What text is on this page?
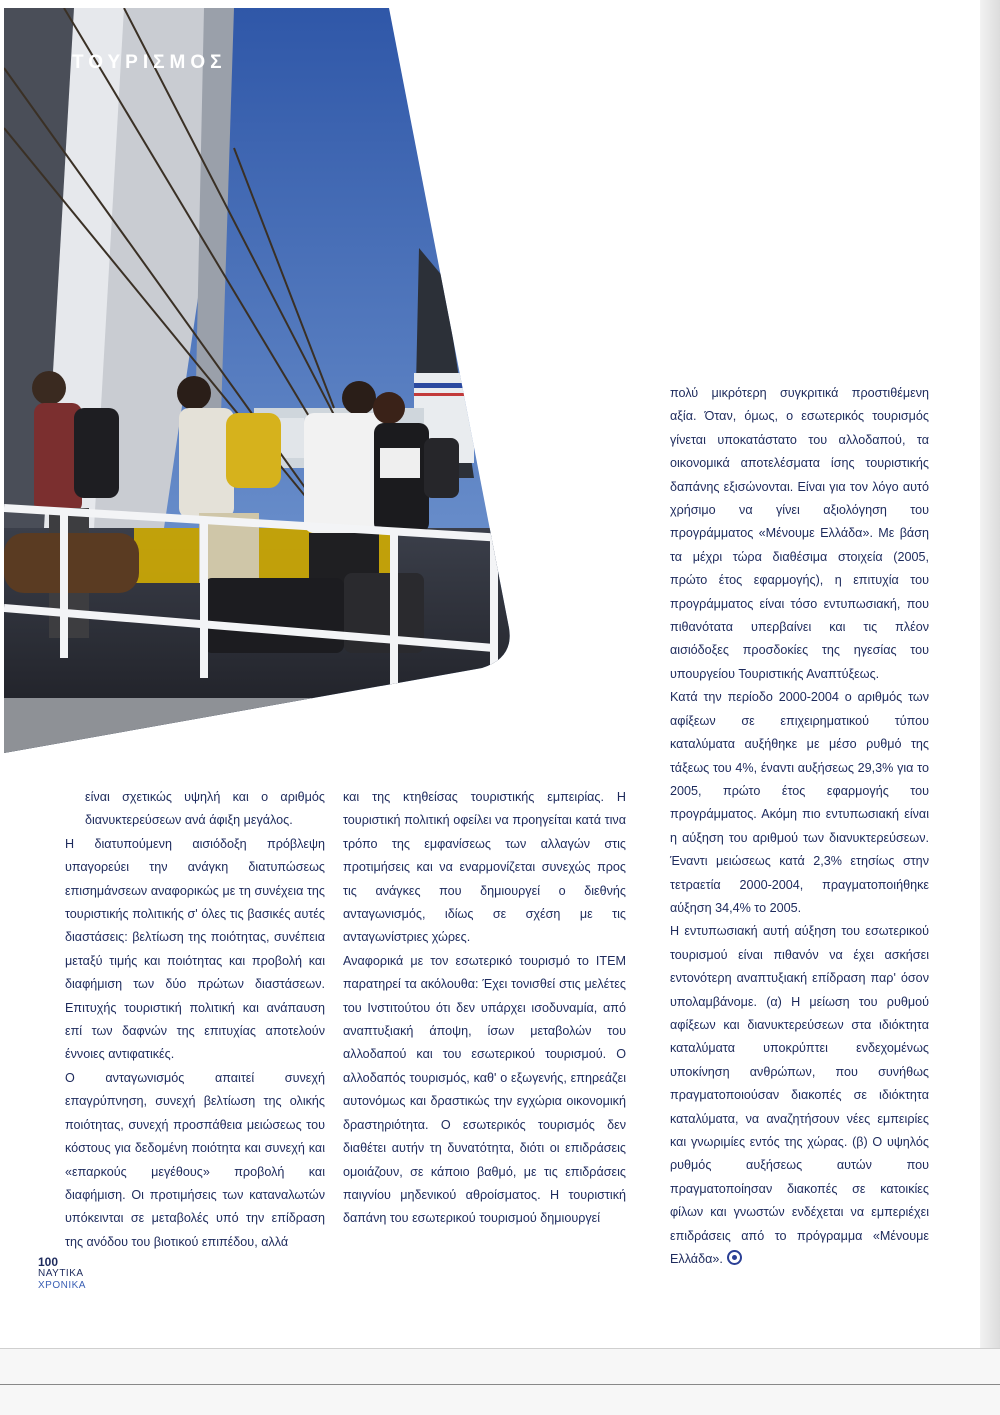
ΤΟΥΡΙΣΜΟΣ

είναι σχετικώς υψηλή και ο αριθμός διανυκτερεύσεων ανά άφιξη μεγάλος.

Η διατυπούμενη αισιόδοξη πρόβλεψη υπαγορεύει την ανάγκη διατυπώσεως επισημάνσεων αναφορικώς με τη συνέχεια της τουριστικής πολιτικής σ' όλες τις βασικές αυτές διαστάσεις: βελτίωση της ποιότητας, συνέπεια μεταξύ τιμής και ποιότητας και προβολή και διαφήμιση των δύο πρώτων διαστάσεων. Επιτυχής τουριστική πολιτική και ανάπαυση επί των δαφνών της επιτυχίας αποτελούν έννοιες αντιφατικές.

Ο ανταγωνισμός απαιτεί συνεχή επαγρύπνηση, συνεχή βελτίωση της ολικής ποιότητας, συνεχή προσπάθεια μειώσεως του κόστους για δεδομένη ποιότητα και συνεχή και «επαρκούς μεγέθους» προβολή και διαφήμιση. Οι προτιμήσεις των καταναλωτών υπόκεινται σε μεταβολές υπό την επίδραση της ανόδου του βιοτικού επιπέδου, αλλά

και της κτηθείσας τουριστικής εμπειρίας. Η τουριστική πολιτική οφείλει να προηγείται κατά τινα τρόπο της εμφανίσεως των αλλαγών στις προτιμήσεις και να εναρμονίζεται συνεχώς προς τις ανάγκες που δημιουργεί ο διεθνής ανταγωνισμός, ιδίως σε σχέση με τις ανταγωνίστριες χώρες.

Αναφορικά με τον εσωτερικό τουρισμό το ΙΤΕΜ παρατηρεί τα ακόλουθα: Έχει τονισθεί στις μελέτες του Ινστιτούτου ότι δεν υπάρχει ισοδυναμία, από αναπτυξιακή άποψη, ίσων μεταβολών του αλλοδαπού και του εσωτερικού τουρισμού. Ο αλλοδαπός τουρισμός, καθ' ο εξωγενής, επηρεάζει αυτονόμως και δραστικώς την εγχώρια οικονομική δραστηριότητα. Ο εσωτερικός τουρισμός δεν διαθέτει αυτήν τη δυνατότητα, διότι οι επιδράσεις ομοιάζουν, σε κάποιο βαθμό, με τις επιδράσεις παιγνίου μηδενικού αθροίσματος. Η τουριστική δαπάνη του εσωτερικού τουρισμού δημιουργεί

πολύ μικρότερη συγκριτικά προστιθέμενη αξία. Όταν, όμως, ο εσωτερικός τουρισμός γίνεται υποκατάστατο του αλλοδαπού, τα οικονομικά αποτελέσματα ίσης τουριστικής δαπάνης εξισώνονται. Είναι για τον λόγο αυτό χρήσιμο να γίνει αξιολόγηση του προγράμματος «Μένουμε Ελλάδα». Με βάση τα μέχρι τώρα διαθέσιμα στοιχεία (2005, πρώτο έτος εφαρμογής), η επιτυχία του προγράμματος είναι τόσο εντυπωσιακή, που πιθανότατα υπερβαίνει και τις πλέον αισιόδοξες προσδοκίες της ηγεσίας του υπουργείου Τουριστικής Αναπτύξεως.

Κατά την περίοδο 2000-2004 ο αριθμός των αφίξεων σε επιχειρηματικού τύπου καταλύματα αυξήθηκε με μέσο ρυθμό της τάξεως του 4%, έναντι αυξήσεως 29,3% για το 2005, πρώτο έτος εφαρμογής του προγράμματος. Ακόμη πιο εντυπωσιακή είναι η αύξηση του αριθμού των διανυκτερεύσεων. Έναντι μειώσεως κατά 2,3% ετησίως στην τετραετία 2000-2004, πραγματοποιήθηκε αύξηση 34,4% το 2005.

Η εντυπωσιακή αυτή αύξηση του εσωτερικού τουρισμού είναι πιθανόν να έχει ασκήσει εντονότερη αναπτυξιακή επίδραση παρ' όσον υπολαμβάνομε. (α) Η μείωση του ρυθμού αφίξεων και διανυκτερεύσεων στα ιδιόκτητα καταλύματα υποκρύπτει ενδεχομένως υποκίνηση ανθρώπων, που συνήθως πραγματοποιούσαν διακοπές σε ιδιόκτητα καταλύματα, να αναζητήσουν νέες εμπειρίες και γνωριμίες εντός της χώρας. (β) Ο υψηλός ρυθμός αυξήσεως αυτών που πραγματοποίησαν διακοπές σε κατοικίες φίλων και γνωστών ενδέχεται να εμπεριέχει επιδράσεις από το πρόγραμμα «Μένουμε Ελλάδα».

100
ΝΑΥΤΙΚΑ
ΧΡΟΝΙΚΑ
